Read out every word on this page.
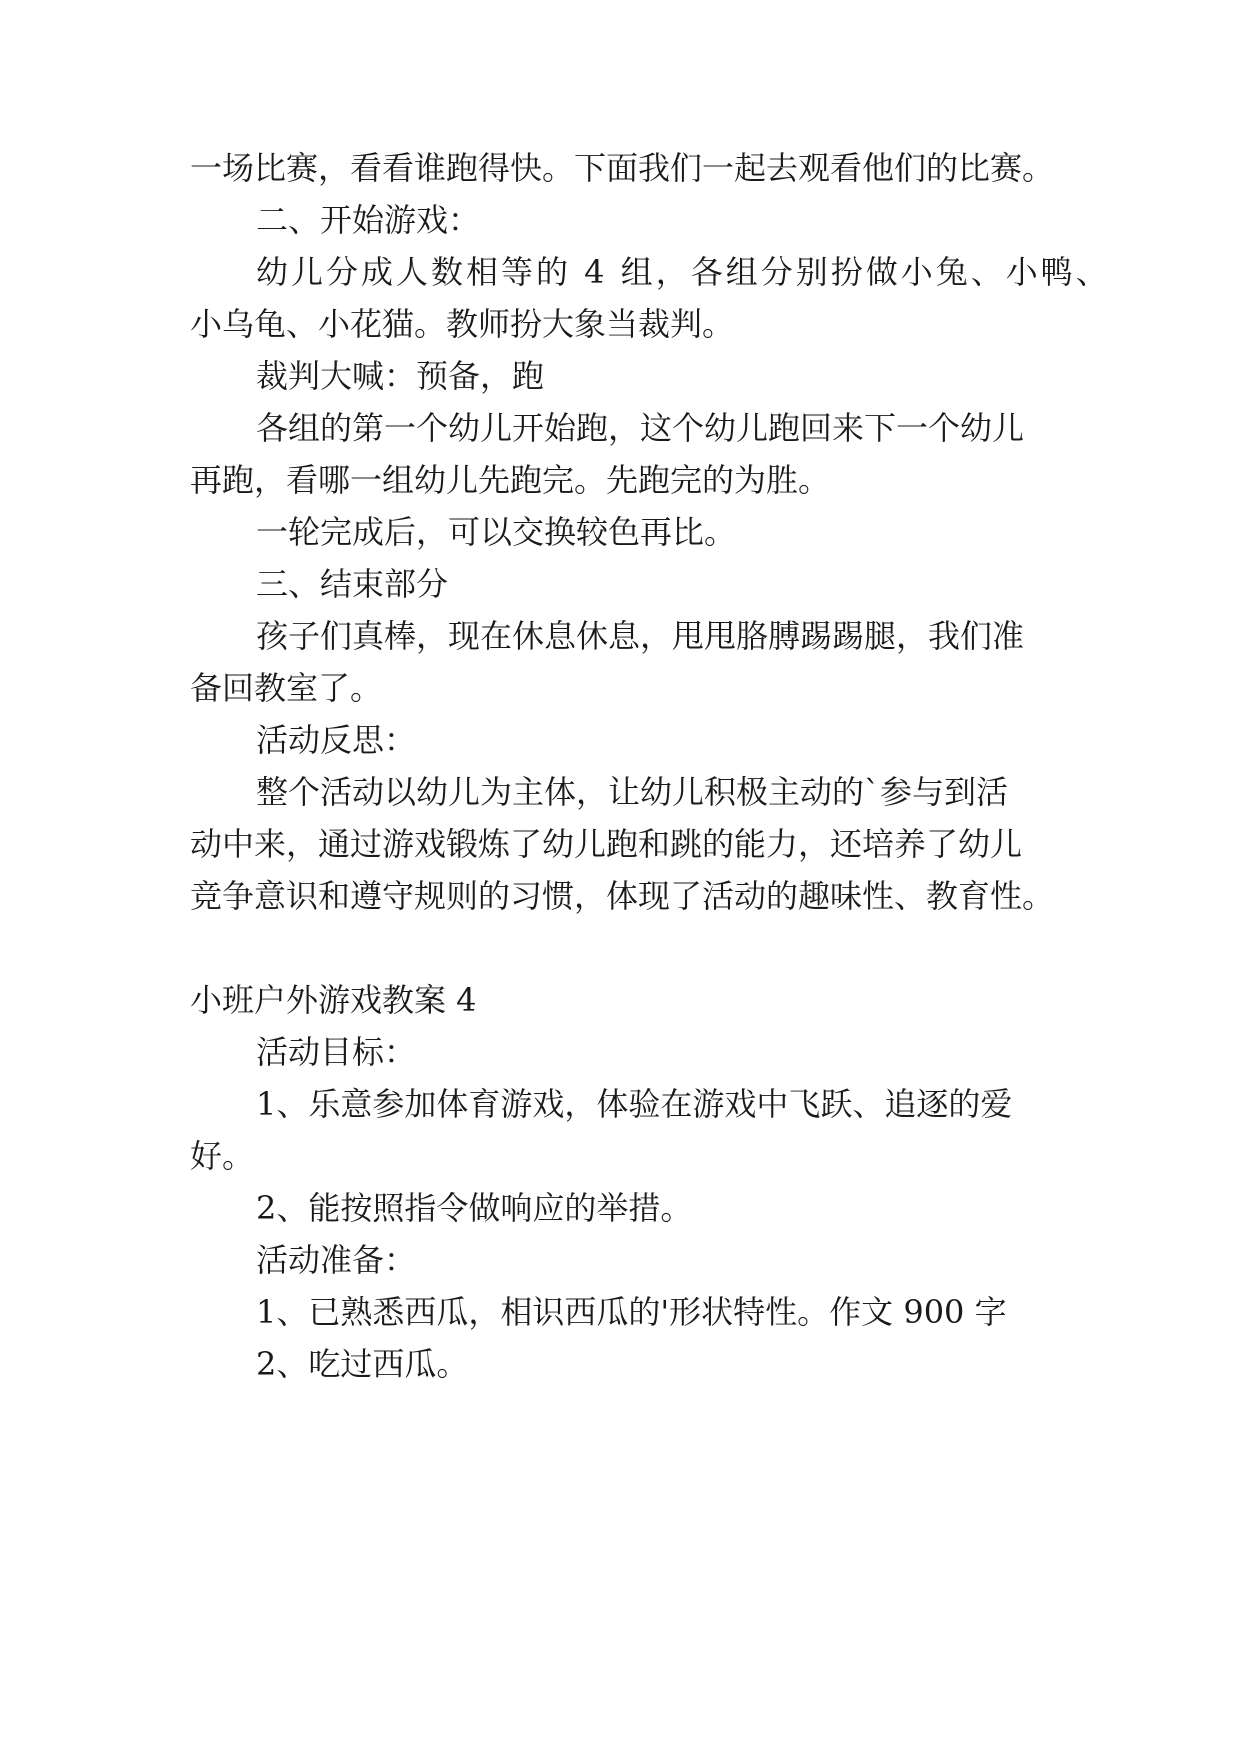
一场比赛，看看谁跑得快。下面我们一起去观看他们的比赛。
二、开始游戏：
幼儿分成人数相等的 4 组，各组分别扮做小兔、小鸭、
小乌龟、小花猫。教师扮大象当裁判。
裁判大喊：预备，跑
各组的第一个幼儿开始跑，这个幼儿跑回来下一个幼儿
再跑，看哪一组幼儿先跑完。先跑完的为胜。
一轮完成后，可以交换较色再比。
三、结束部分
孩子们真棒，现在休息休息，甩甩胳膊踢踢腿，我们准
备回教室了。
活动反思：
整个活动以幼儿为主体，让幼儿积极主动的`参与到活
动中来，通过游戏锻炼了幼儿跑和跳的能力，还培养了幼儿
竞争意识和遵守规则的习惯，体现了活动的趣味性、教育性。
小班户外游戏教案 4
活动目标：
1、乐意参加体育游戏，体验在游戏中飞跃、追逐的爱
好。
2、能按照指令做响应的举措。
活动准备：
1、已熟悉西瓜，相识西瓜的'形状特性。作文 900 字
2、吃过西瓜。
